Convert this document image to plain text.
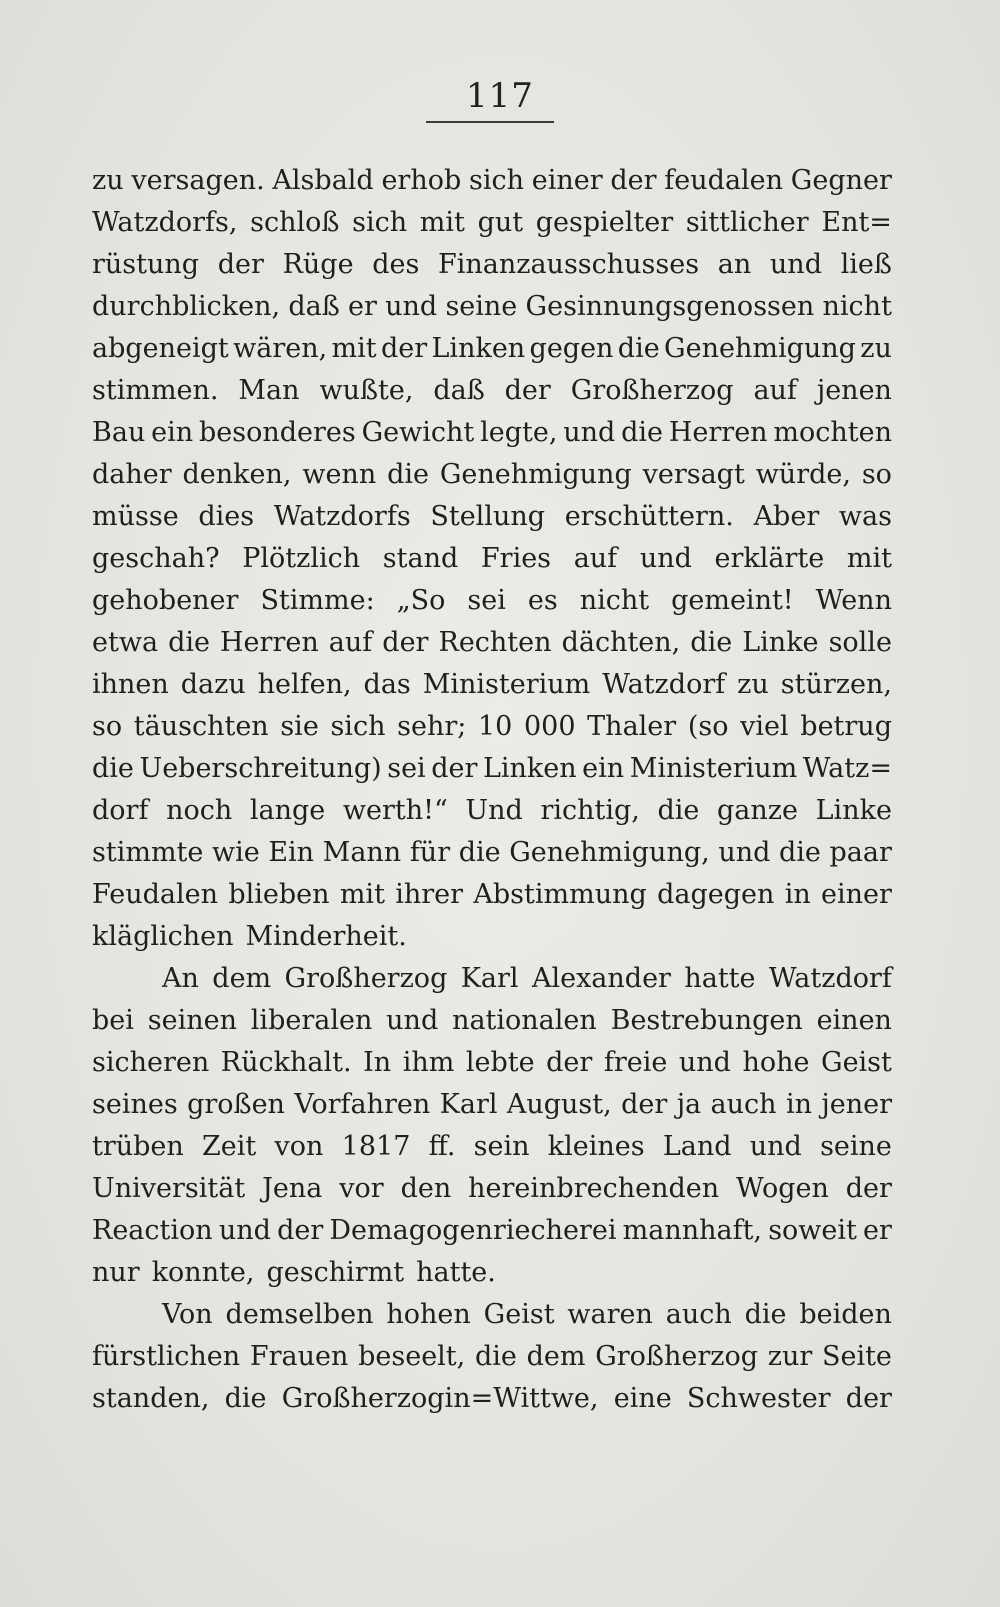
117
zu versagen. Alsbald erhob sich einer der feudalen Gegner
Watzdorfs, schloß sich mit gut gespielter sittlicher Ent=
rüstung der Rüge des Finanzausschusses an und ließ
durchblicken, daß er und seine Gesinnungsgenossen nicht
abgeneigt wären, mit der Linken gegen die Genehmigung zu
stimmen. Man wußte, daß der Großherzog auf jenen
Bau ein besonderes Gewicht legte, und die Herren mochten
daher denken, wenn die Genehmigung versagt würde, so
müsse dies Watzdorfs Stellung erschüttern. Aber was
geschah? Plötzlich stand Fries auf und erklärte mit
gehobener Stimme: „So sei es nicht gemeint! Wenn
etwa die Herren auf der Rechten dächten, die Linke solle
ihnen dazu helfen, das Ministerium Watzdorf zu stürzen,
so täuschten sie sich sehr; 10 000 Thaler (so viel betrug
die Ueberschreitung) sei der Linken ein Ministerium Watz=
dorf noch lange werth!“ Und richtig, die ganze Linke
stimmte wie Ein Mann für die Genehmigung, und die paar
Feudalen blieben mit ihrer Abstimmung dagegen in einer
kläglichen Minderheit.
An dem Großherzog Karl Alexander hatte Watzdorf
bei seinen liberalen und nationalen Bestrebungen einen
sicheren Rückhalt. In ihm lebte der freie und hohe Geist
seines großen Vorfahren Karl August, der ja auch in jener
trüben Zeit von 1817 ff. sein kleines Land und seine
Universität Jena vor den hereinbrechenden Wogen der
Reaction und der Demagogenriecherei mannhaft, soweit er
nur konnte, geschirmt hatte.
Von demselben hohen Geist waren auch die beiden
fürstlichen Frauen beseelt, die dem Großherzog zur Seite
standen, die Großherzogin=Wittwe, eine Schwester der
